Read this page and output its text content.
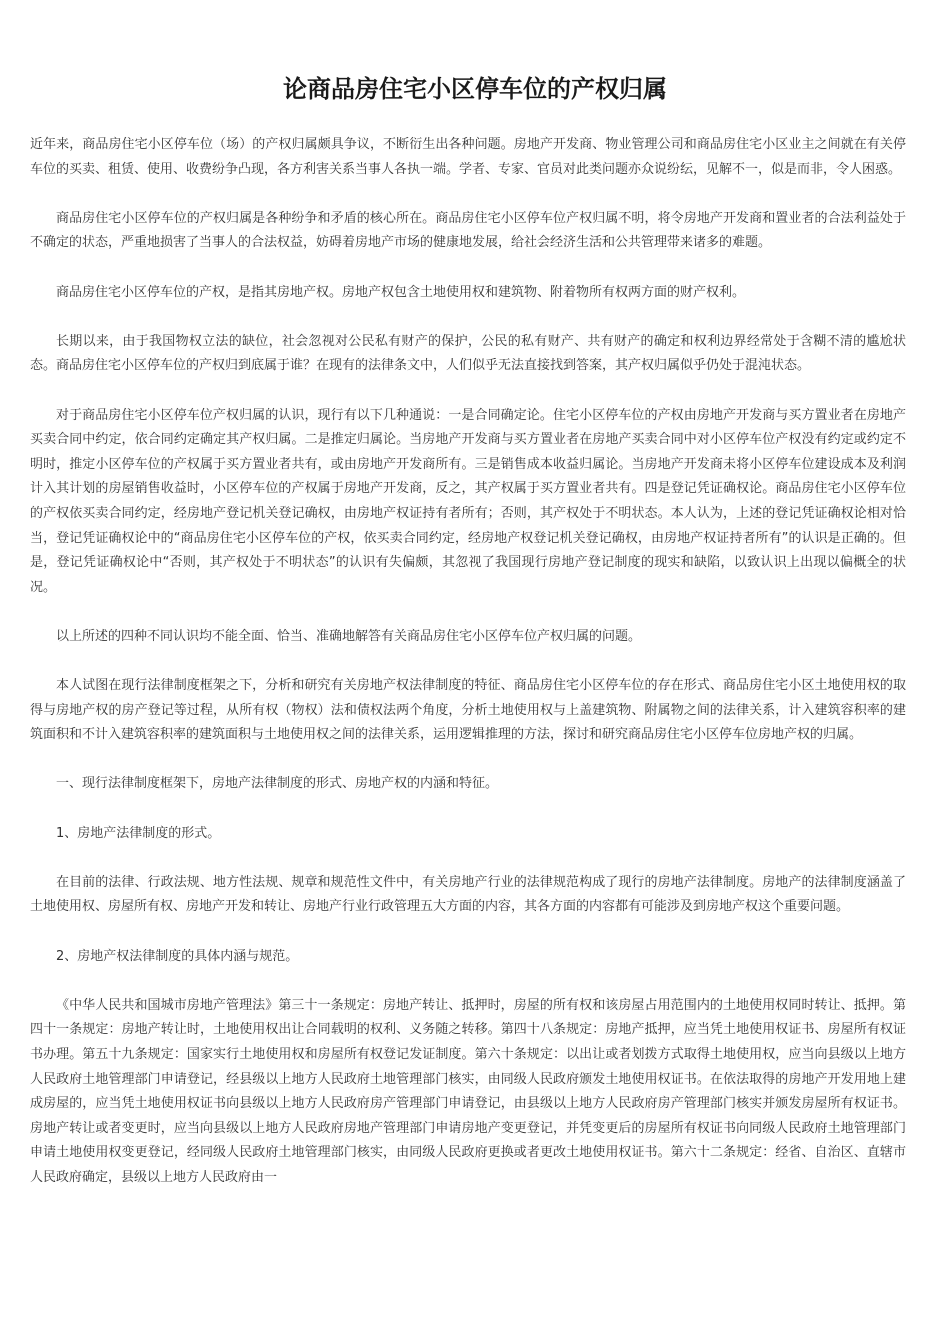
论商品房住宅小区停车位的产权归属

近年来，商品房住宅小区停车位（场）的产权归属颇具争议，不断衍生出各种问题。房地产开发商、物业管理公司和商品房住宅小区业主之间就在有关停车位的买卖、租赁、使用、收费纷争凸现，各方利害关系当事人各执一端。学者、专家、官员对此类问题亦众说纷纭，见解不一，似是而非，令人困惑。

商品房住宅小区停车位的产权归属是各种纷争和矛盾的核心所在。商品房住宅小区停车位产权归属不明，将令房地产开发商和置业者的合法利益处于不确定的状态，严重地损害了当事人的合法权益，妨碍着房地产市场的健康地发展，给社会经济生活和公共管理带来诸多的难题。

商品房住宅小区停车位的产权，是指其房地产权。房地产权包含土地使用权和建筑物、附着物所有权两方面的财产权利。

长期以来，由于我国物权立法的缺位，社会忽视对公民私有财产的保护，公民的私有财产、共有财产的确定和权利边界经常处于含糊不清的尴尬状态。商品房住宅小区停车位的产权归到底属于谁？在现有的法律条文中，人们似乎无法直接找到答案，其产权归属似乎仍处于混沌状态。

对于商品房住宅小区停车位产权归属的认识，现行有以下几种通说：一是合同确定论。住宅小区停车位的产权由房地产开发商与买方置业者在房地产买卖合同中约定，依合同约定确定其产权归属。二是推定归属论。当房地产开发商与买方置业者在房地产买卖合同中对小区停车位产权没有约定或约定不明时，推定小区停车位的产权属于买方置业者共有，或由房地产开发商所有。三是销售成本收益归属论。当房地产开发商未将小区停车位建设成本及利润计入其计划的房屋销售收益时，小区停车位的产权属于房地产开发商，反之，其产权属于买方置业者共有。四是登记凭证确权论。商品房住宅小区停车位的产权依买卖合同约定，经房地产登记机关登记确权，由房地产权证持有者所有；否则，其产权处于不明状态。本人认为，上述的登记凭证确权论相对恰当，登记凭证确权论中的“商品房住宅小区停车位的产权，依买卖合同约定，经房地产权登记机关登记确权，由房地产权证持者所有”的认识是正确的。但是，登记凭证确权论中“否则，其产权处于不明状态”的认识有失偏颇，其忽视了我国现行房地产登记制度的现实和缺陷，以致认识上出现以偏概全的状况。

以上所述的四种不同认识均不能全面、恰当、准确地解答有关商品房住宅小区停车位产权归属的问题。

本人试图在现行法律制度框架之下，分析和研究有关房地产权法律制度的特征、商品房住宅小区停车位的存在形式、商品房住宅小区土地使用权的取得与房地产权的房产登记等过程，从所有权（物权）法和债权法两个角度，分析土地使用权与上盖建筑物、附属物之间的法律关系，计入建筑容积率的建筑面积和不计入建筑容积率的建筑面积与土地使用权之间的法律关系，运用逻辑推理的方法，探讨和研究商品房住宅小区停车位房地产权的归属。

一、现行法律制度框架下，房地产法律制度的形式、房地产权的内涵和特征。

1、房地产法律制度的形式。

在目前的法律、行政法规、地方性法规、规章和规范性文件中，有关房地产行业的法律规范构成了现行的房地产法律制度。房地产的法律制度涵盖了土地使用权、房屋所有权、房地产开发和转让、房地产行业行政管理五大方面的内容，其各方面的内容都有可能涉及到房地产权这个重要问题。

2、房地产权法律制度的具体内涵与规范。

《中华人民共和国城市房地产管理法》第三十一条规定：房地产转让、抵押时，房屋的所有权和该房屋占用范围内的土地使用权同时转让、抵押。第四十一条规定：房地产转让时，土地使用权出让合同载明的权利、义务随之转移。第四十八条规定：房地产抵押，应当凭土地使用权证书、房屋所有权证书办理。第五十九条规定：国家实行土地使用权和房屋所有权登记发证制度。第六十条规定：以出让或者划拨方式取得土地使用权，应当向县级以上地方人民政府土地管理部门申请登记，经县级以上地方人民政府土地管理部门核实，由同级人民政府颁发土地使用权证书。在依法取得的房地产开发用地上建成房屋的，应当凭土地使用权证书向县级以上地方人民政府房产管理部门申请登记，由县级以上地方人民政府房产管理部门核实并颁发房屋所有权证书。房地产转让或者变更时，应当向县级以上地方人民政府房地产管理部门申请房地产变更登记，并凭变更后的房屋所有权证书向同级人民政府土地管理部门申请土地使用权变更登记，经同级人民政府土地管理部门核实，由同级人民政府更换或者更改土地使用权证书。第六十二条规定：经省、自治区、直辖市人民政府确定，县级以上地方人民政府由一
